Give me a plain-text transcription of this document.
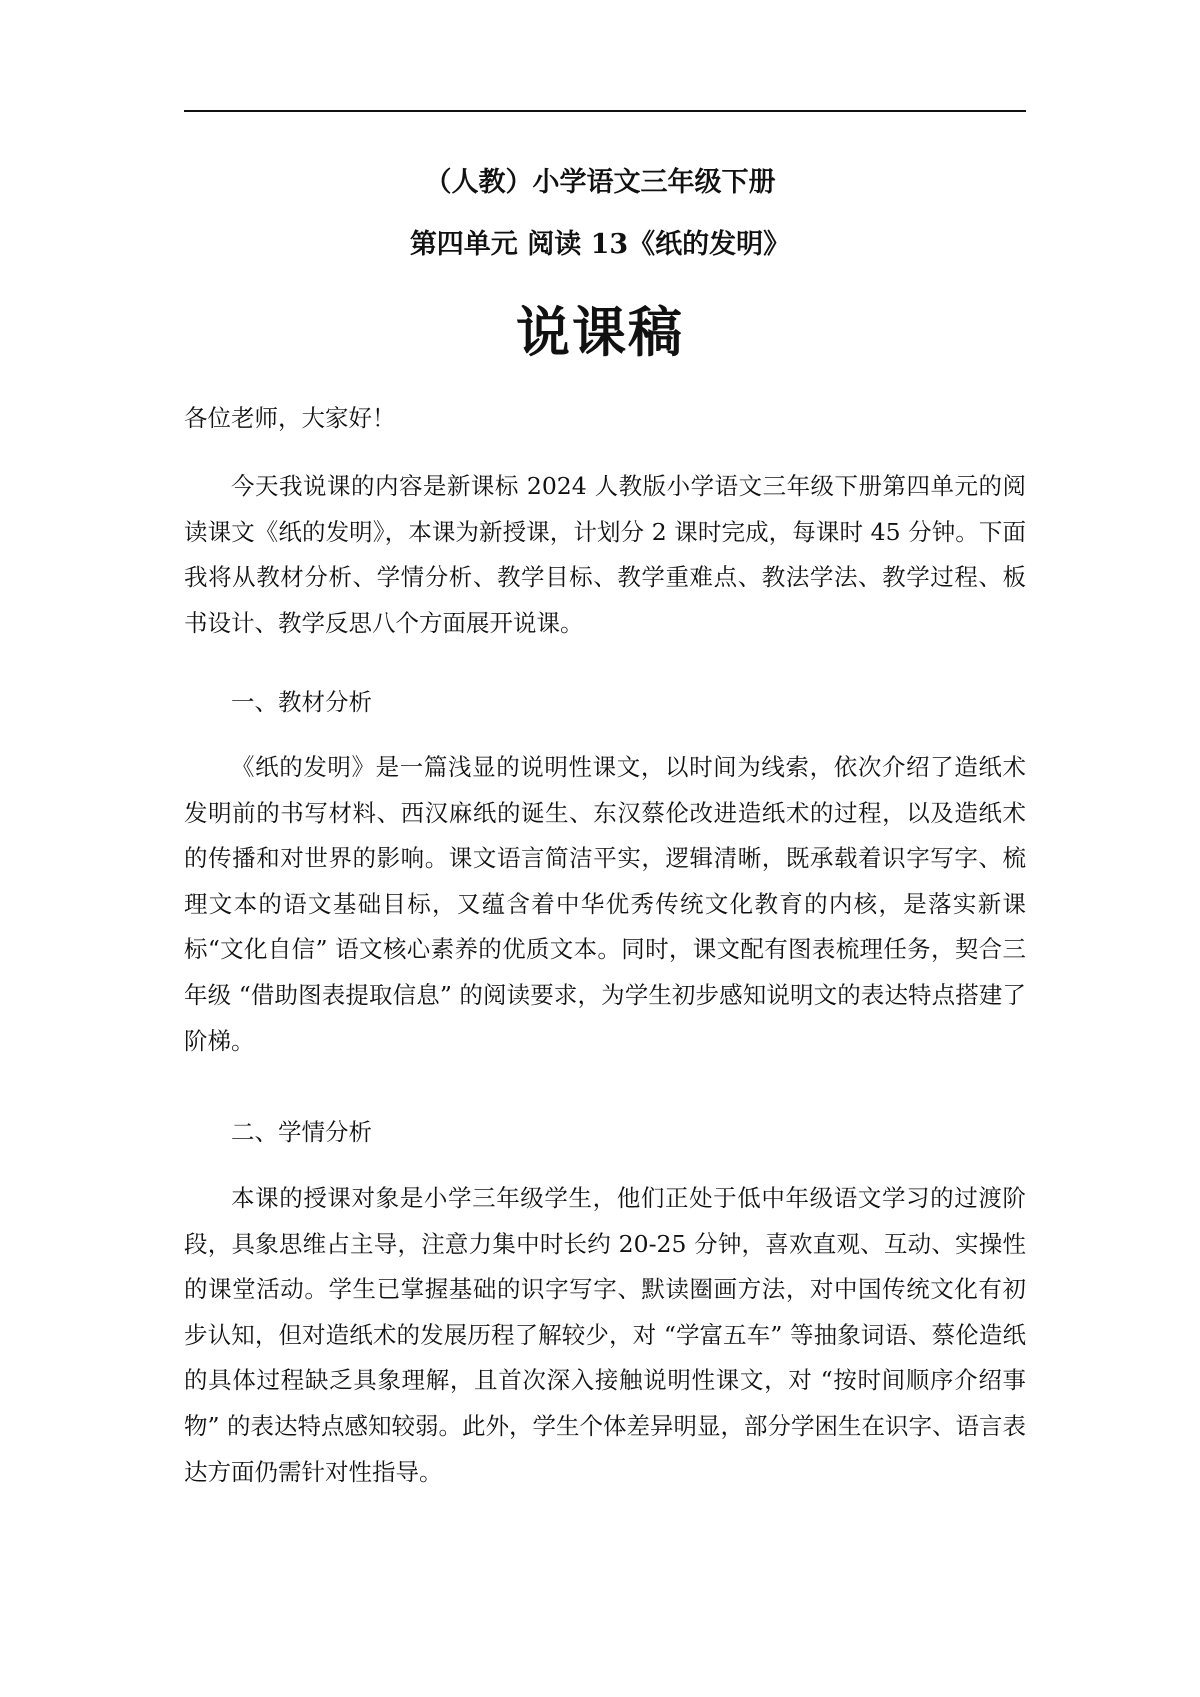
（人教）小学语文三年级下册
第四单元 阅读 13《纸的发明》
说课稿

各位老师，大家好！

今天我说课的内容是新课标 2024 人教版小学语文三年级下册第四单元的阅读课文《纸的发明》，本课为新授课，计划分 2 课时完成，每课时 45 分钟。下面我将从教材分析、学情分析、教学目标、教学重难点、教法学法、教学过程、板书设计、教学反思八个方面展开说课。

一、教材分析

《纸的发明》是一篇浅显的说明性课文，以时间为线索，依次介绍了造纸术发明前的书写材料、西汉麻纸的诞生、东汉蔡伦改进造纸术的过程，以及造纸术的传播和对世界的影响。课文语言简洁平实，逻辑清晰，既承载着识字写字、梳理文本的语文基础目标，又蕴含着中华优秀传统文化教育的内核，是落实新课标“文化自信” 语文核心素养的优质文本。同时，课文配有图表梳理任务，契合三年级 “借助图表提取信息” 的阅读要求，为学生初步感知说明文的表达特点搭建了阶梯。

二、学情分析

本课的授课对象是小学三年级学生，他们正处于低中年级语文学习的过渡阶段，具象思维占主导，注意力集中时长约 20-25 分钟，喜欢直观、互动、实操性的课堂活动。学生已掌握基础的识字写字、默读圈画方法，对中国传统文化有初步认知，但对造纸术的发展历程了解较少，对 “学富五车” 等抽象词语、蔡伦造纸的具体过程缺乏具象理解，且首次深入接触说明性课文，对 “按时间顺序介绍事物” 的表达特点感知较弱。此外，学生个体差异明显，部分学困生在识字、语言表达方面仍需针对性指导。
